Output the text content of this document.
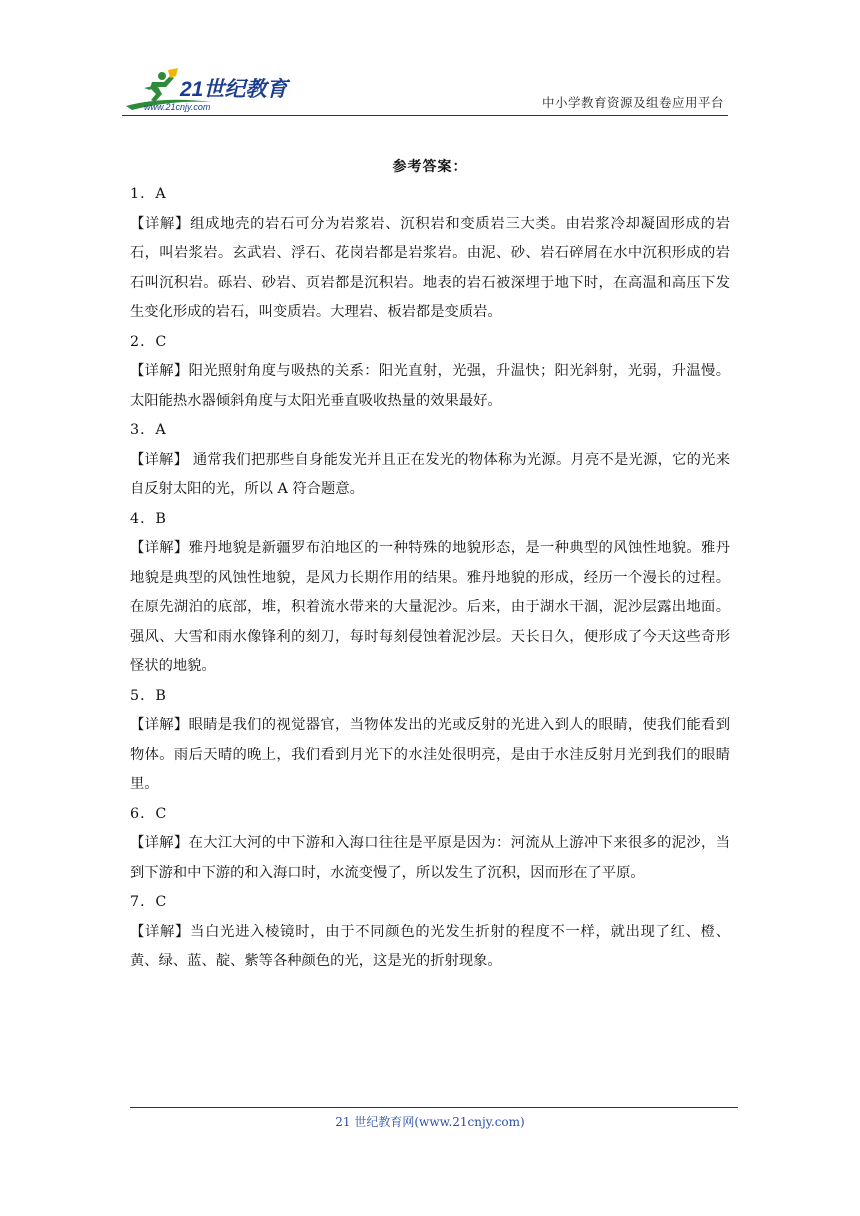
21世纪教育
www.21cnjy.com	中小学教育资源及组卷应用平台
参考答案：

1．A

【详解】组成地壳的岩石可分为岩浆岩、沉积岩和变质岩三大类。由岩浆冷却凝固形成的岩石，叫岩浆岩。玄武岩、浮石、花岗岩都是岩浆岩。由泥、砂、岩石碎屑在水中沉积形成的岩石叫沉积岩。砾岩、砂岩、页岩都是沉积岩。地表的岩石被深埋于地下时，在高温和高压下发生变化形成的岩石，叫变质岩。大理岩、板岩都是变质岩。

2．C

【详解】阳光照射角度与吸热的关系：阳光直射，光强，升温快；阳光斜射，光弱，升温慢。太阳能热水器倾斜角度与太阳光垂直吸收热量的效果最好。

3．A

【详解】 通常我们把那些自身能发光并且正在发光的物体称为光源。月亮不是光源，它的光来自反射太阳的光，所以 A 符合题意。

4．B

【详解】雅丹地貌是新疆罗布泊地区的一种特殊的地貌形态，是一种典型的风蚀性地貌。雅丹地貌是典型的风蚀性地貌，是风力长期作用的结果。雅丹地貌的形成，经历一个漫长的过程。在原先湖泊的底部，堆，积着流水带来的大量泥沙。后来，由于湖水干涸，泥沙层露出地面。强风、大雪和雨水像锋利的刻刀，每时每刻侵蚀着泥沙层。天长日久，便形成了今天这些奇形怪状的地貌。

5．B

【详解】眼睛是我们的视觉器官，当物体发出的光或反射的光进入到人的眼睛，使我们能看到物体。雨后天晴的晚上，我们看到月光下的水洼处很明亮，是由于水洼反射月光到我们的眼睛里。

6．C

【详解】在大江大河的中下游和入海口往往是平原是因为：河流从上游冲下来很多的泥沙，当到下游和中下游的和入海口时，水流变慢了，所以发生了沉积，因而形在了平原。

7．C

【详解】当白光进入棱镜时，由于不同颜色的光发生折射的程度不一样，就出现了红、橙、黄、绿、蓝、靛、紫等各种颜色的光，这是光的折射现象。

21 世纪教育网(www.21cnjy.com)
